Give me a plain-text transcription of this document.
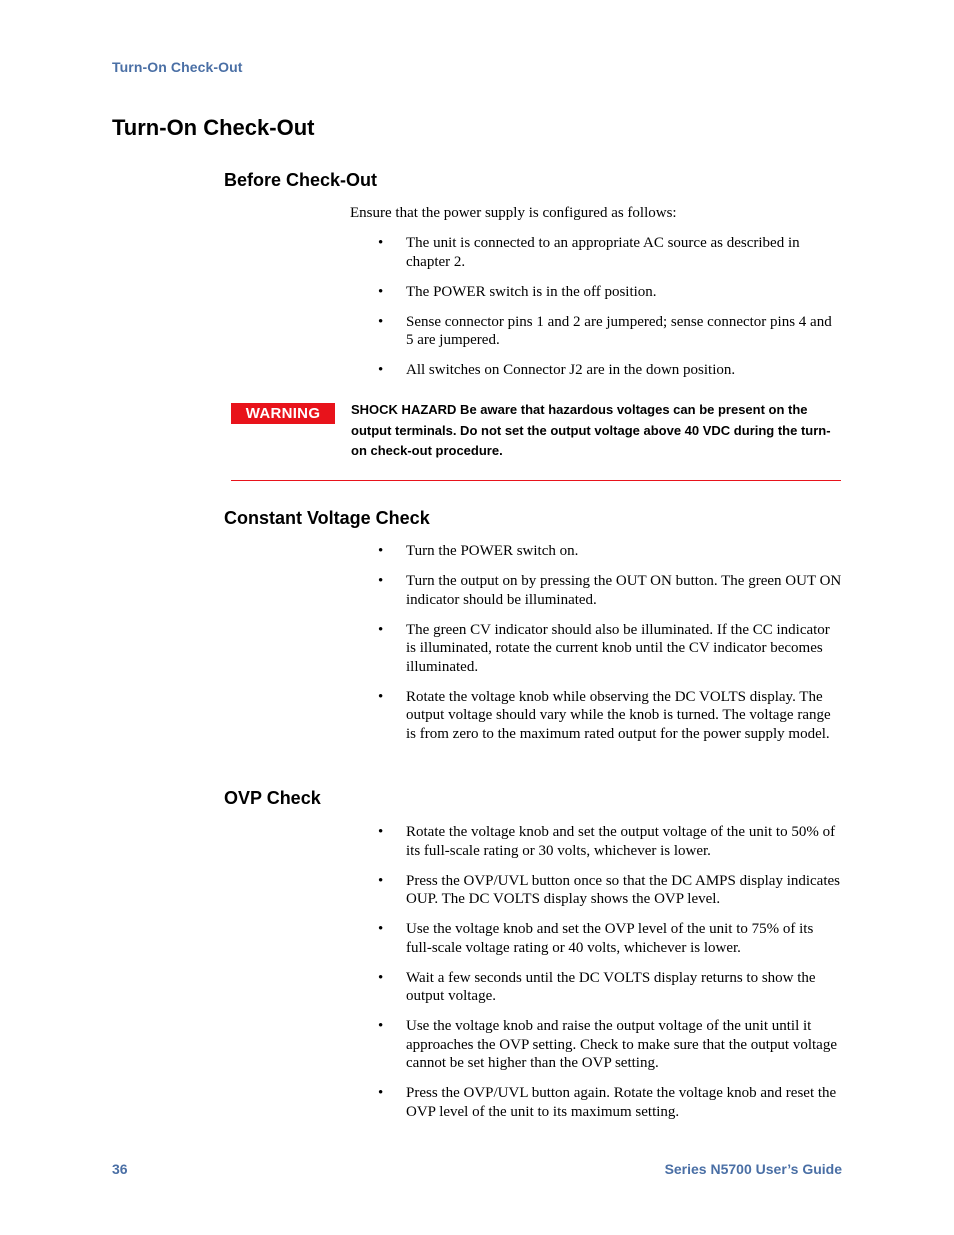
Turn-On Check-Out
Turn-On Check-Out
Before Check-Out

Ensure that the power supply is configured as follows:

• The unit is connected to an appropriate AC source as described in chapter 2.
• The POWER switch is in the off position.
• Sense connector pins 1 and 2 are jumpered; sense connector pins 4 and 5 are jumpered.
• All switches on Connector J2 are in the down position.
WARNING	SHOCK HAZARD Be aware that hazardous voltages can be present on the output terminals. Do not set the output voltage above 40 VDC during the turn-on check-out procedure.

Constant Voltage Check
• Turn the POWER switch on.
• Turn the output on by pressing the OUT ON button. The green OUT ON indicator should be illuminated.
• The green CV indicator should also be illuminated. If the CC indicator is illuminated, rotate the current knob until the CV indicator becomes illuminated.
• Rotate the voltage knob while observing the DC VOLTS display. The output voltage should vary while the knob is turned. The voltage range is from zero to the maximum rated output for the power supply model.
OVP Check
• Rotate the voltage knob and set the output voltage of the unit to 50% of its full-scale rating or 30 volts, whichever is lower.
• Press the OVP/UVL button once so that the DC AMPS display indicates OUP. The DC VOLTS display shows the OVP level.
• Use the voltage knob and set the OVP level of the unit to 75% of its full-scale voltage rating or 40 volts, whichever is lower.
• Wait a few seconds until the DC VOLTS display returns to show the output voltage.
• Use the voltage knob and raise the output voltage of the unit until it approaches the OVP setting. Check to make sure that the output voltage cannot be set higher than the OVP setting.
• Press the OVP/UVL button again. Rotate the voltage knob and reset the OVP level of the unit to its maximum setting.
36	Series N5700 User’s Guide
